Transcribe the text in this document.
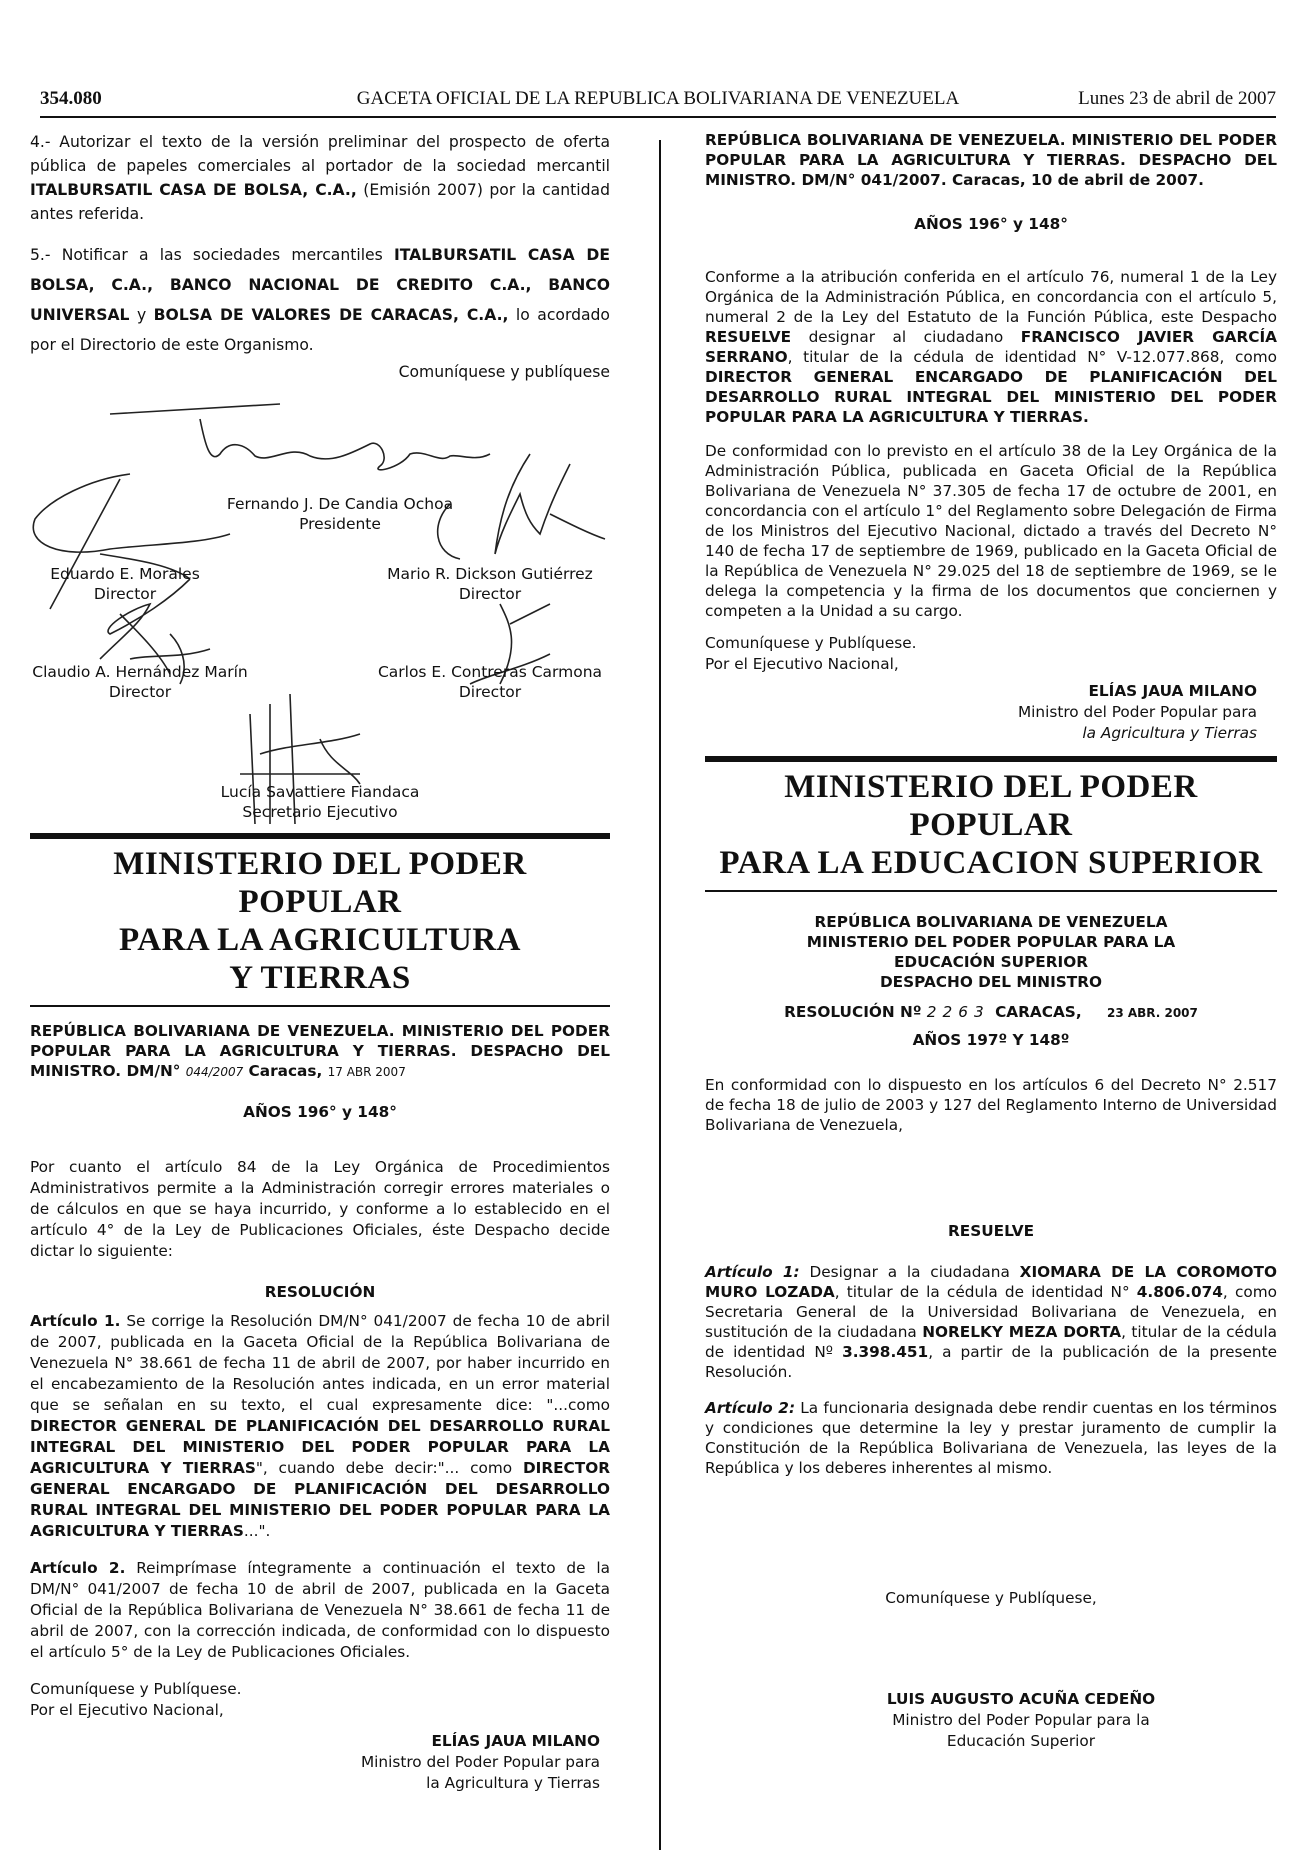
354.080	GACETA OFICIAL DE LA REPUBLICA BOLIVARIANA DE VENEZUELA	Lunes 23 de abril de 2007

4.- Autorizar el texto de la versión preliminar del prospecto de oferta pública de papeles comerciales al portador de la sociedad mercantil ITALBURSATIL CASA DE BOLSA, C.A., (Emisión 2007) por la cantidad antes referida.

5.- Notificar a las sociedades mercantiles ITALBURSATIL CASA DE BOLSA, C.A., BANCO NACIONAL DE CREDITO C.A., BANCO UNIVERSAL y BOLSA DE VALORES DE CARACAS, C.A., lo acordado por el Directorio de este Organismo.

Comuníquese y publíquese

Fernando J. De Candia Ochoa
Presidente
Eduardo E. Morales
Director
Mario R. Dickson Gutiérrez
Director
Claudio A. Hernández Marín
Director
Carlos E. Contreras Carmona
Director
Lucía Savattiere Fiandaca
Secretario Ejecutivo
MINISTERIO DEL PODER POPULAR
PARA LA AGRICULTURA
Y TIERRAS

REPÚBLICA BOLIVARIANA DE VENEZUELA. MINISTERIO DEL PODER POPULAR PARA LA AGRICULTURA Y TIERRAS. DESPACHO DEL MINISTRO. DM/N° 044/2007 Caracas, 17 ABR 2007

AÑOS 196° y 148°

Por cuanto el artículo 84 de la Ley Orgánica de Procedimientos Administrativos permite a la Administración corregir errores materiales o de cálculos en que se haya incurrido, y conforme a lo establecido en el artículo 4° de la Ley de Publicaciones Oficiales, éste Despacho decide dictar lo siguiente:

RESOLUCIÓN

Artículo 1. Se corrige la Resolución DM/N° 041/2007 de fecha 10 de abril de 2007, publicada en la Gaceta Oficial de la República Bolivariana de Venezuela N° 38.661 de fecha 11 de abril de 2007, por haber incurrido en el encabezamiento de la Resolución antes indicada, en un error material que se señalan en su texto, el cual expresamente dice: "...como DIRECTOR GENERAL DE PLANIFICACIÓN DEL DESARROLLO RURAL INTEGRAL DEL MINISTERIO DEL PODER POPULAR PARA LA AGRICULTURA Y TIERRAS", cuando debe decir:"... como DIRECTOR GENERAL ENCARGADO DE PLANIFICACIÓN DEL DESARROLLO RURAL INTEGRAL DEL MINISTERIO DEL PODER POPULAR PARA LA AGRICULTURA Y TIERRAS...".

Artículo 2. Reimprímase íntegramente a continuación el texto de la DM/N° 041/2007 de fecha 10 de abril de 2007, publicada en la Gaceta Oficial de la República Bolivariana de Venezuela N° 38.661 de fecha 11 de abril de 2007, con la corrección indicada, de conformidad con lo dispuesto el artículo 5° de la Ley de Publicaciones Oficiales.

Comuníquese y Publíquese.

Por el Ejecutivo Nacional,

ELÍAS JAUA MILANO
Ministro del Poder Popular para
la Agricultura y Tierras

REPÚBLICA BOLIVARIANA DE VENEZUELA. MINISTERIO DEL PODER POPULAR PARA LA AGRICULTURA Y TIERRAS. DESPACHO DEL MINISTRO. DM/N° 041/2007. Caracas, 10 de abril de 2007.

AÑOS 196° y 148°

Conforme a la atribución conferida en el artículo 76, numeral 1 de la Ley Orgánica de la Administración Pública, en concordancia con el artículo 5, numeral 2 de la Ley del Estatuto de la Función Pública, este Despacho RESUELVE designar al ciudadano FRANCISCO JAVIER GARCÍA SERRANO, titular de la cédula de identidad N° V-12.077.868, como DIRECTOR GENERAL ENCARGADO DE PLANIFICACIÓN DEL DESARROLLO RURAL INTEGRAL DEL MINISTERIO DEL PODER POPULAR PARA LA AGRICULTURA Y TIERRAS.

De conformidad con lo previsto en el artículo 38 de la Ley Orgánica de la Administración Pública, publicada en Gaceta Oficial de la República Bolivariana de Venezuela N° 37.305 de fecha 17 de octubre de 2001, en concordancia con el artículo 1° del Reglamento sobre Delegación de Firma de los Ministros del Ejecutivo Nacional, dictado a través del Decreto N° 140 de fecha 17 de septiembre de 1969, publicado en la Gaceta Oficial de la República de Venezuela N° 29.025 del 18 de septiembre de 1969, se le delega la competencia y la firma de los documentos que conciernen y competen a la Unidad a su cargo.

Comuníquese y Publíquese.

Por el Ejecutivo Nacional,

ELÍAS JAUA MILANO
Ministro del Poder Popular para
la Agricultura y Tierras
MINISTERIO DEL PODER POPULAR
PARA LA EDUCACION SUPERIOR
REPÚBLICA BOLIVARIANA DE VENEZUELA
MINISTERIO DEL PODER POPULAR PARA LA
EDUCACIÓN SUPERIOR
DESPACHO DEL MINISTRO
RESOLUCIÓN Nº 2263 CARACAS, 23 ABR. 2007

AÑOS 197º Y 148º

En conformidad con lo dispuesto en los artículos 6 del Decreto N° 2.517 de fecha 18 de julio de 2003 y 127 del Reglamento Interno de Universidad Bolivariana de Venezuela,

RESUELVE

Artículo 1: Designar a la ciudadana XIOMARA DE LA COROMOTO MURO LOZADA, titular de la cédula de identidad N° 4.806.074, como Secretaria General de la Universidad Bolivariana de Venezuela, en sustitución de la ciudadana NORELKY MEZA DORTA, titular de la cédula de identidad Nº 3.398.451, a partir de la publicación de la presente Resolución.

Artículo 2: La funcionaria designada debe rendir cuentas en los términos y condiciones que determine la ley y prestar juramento de cumplir la Constitución de la República Bolivariana de Venezuela, las leyes de la República y los deberes inherentes al mismo.

Comuníquese y Publíquese,

LUIS AUGUSTO ACUÑA CEDEÑO
Ministro del Poder Popular para la
Educación Superior
